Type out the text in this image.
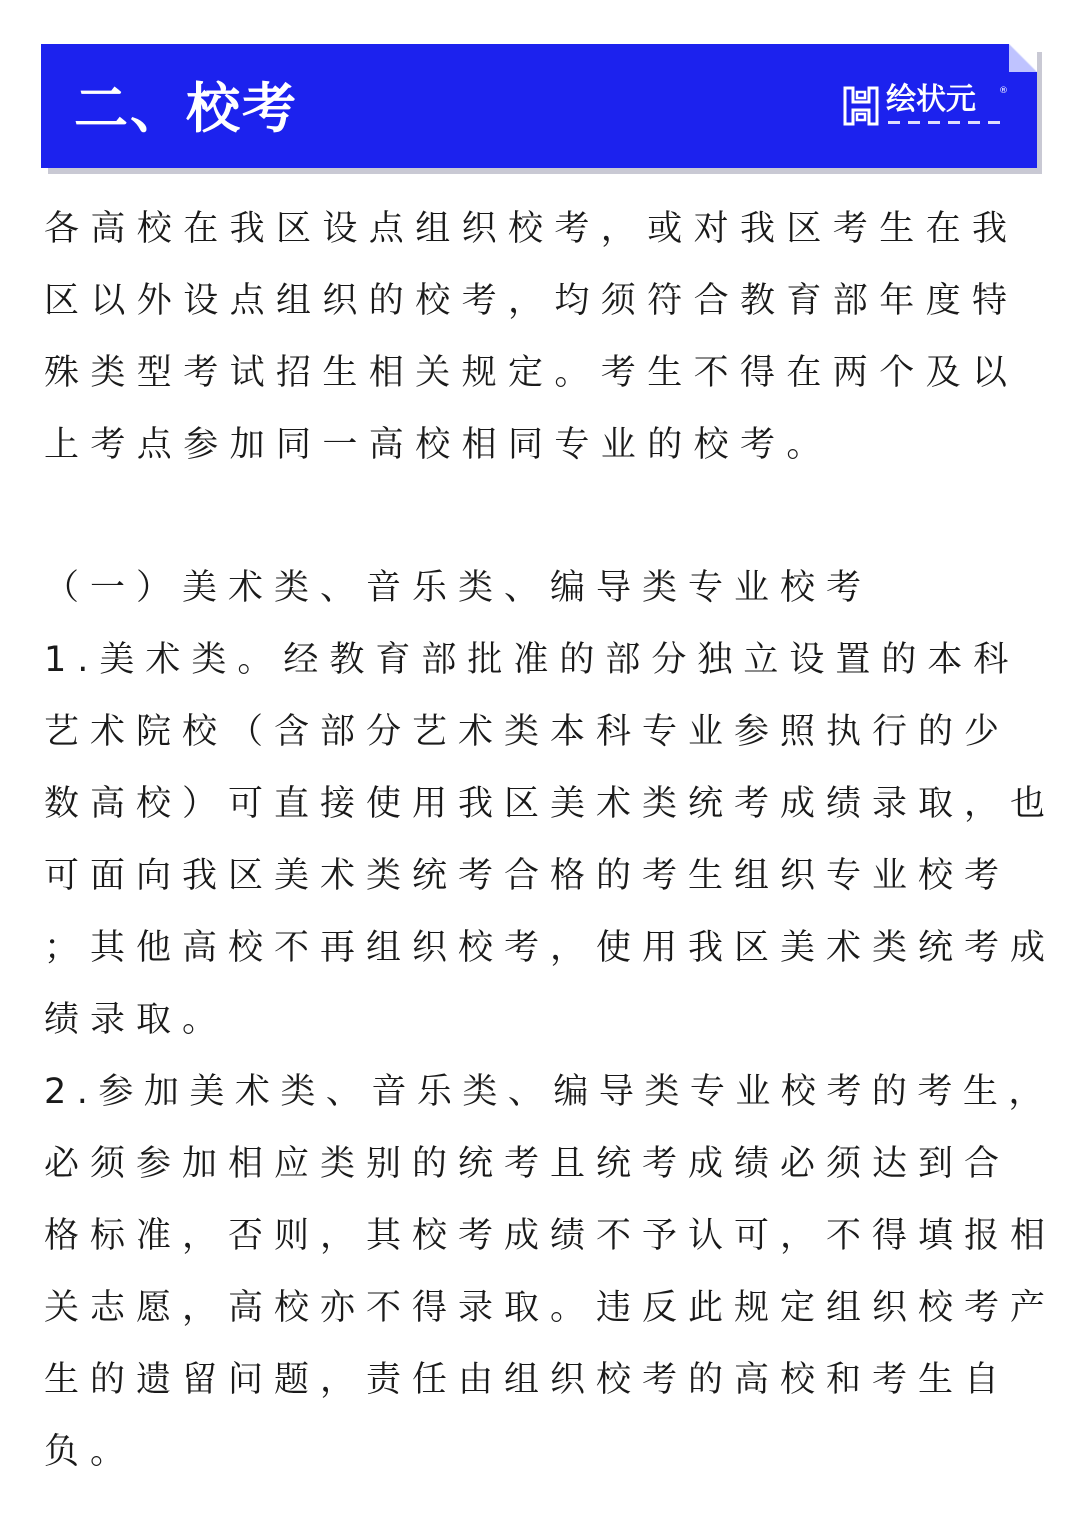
二、校考	绘状元	®
各高校在我区设点组织校考，或对我区考生在我
区以外设点组织的校考，均须符合教育部年度特
殊类型考试招生相关规定。考生不得在两个及以
上考点参加同一高校相同专业的校考。
（一）美术类、音乐类、编导类专业校考
1.美术类。经教育部批准的部分独立设置的本科
艺术院校（含部分艺术类本科专业参照执行的少
数高校）可直接使用我区美术类统考成绩录取，也
可面向我区美术类统考合格的考生组织专业校考
；其他高校不再组织校考，使用我区美术类统考成
绩录取。
2.参加美术类、音乐类、编导类专业校考的考生，
必须参加相应类别的统考且统考成绩必须达到合
格标准，否则，其校考成绩不予认可，不得填报相
关志愿，高校亦不得录取。违反此规定组织校考产
生的遗留问题，责任由组织校考的高校和考生自
负。
